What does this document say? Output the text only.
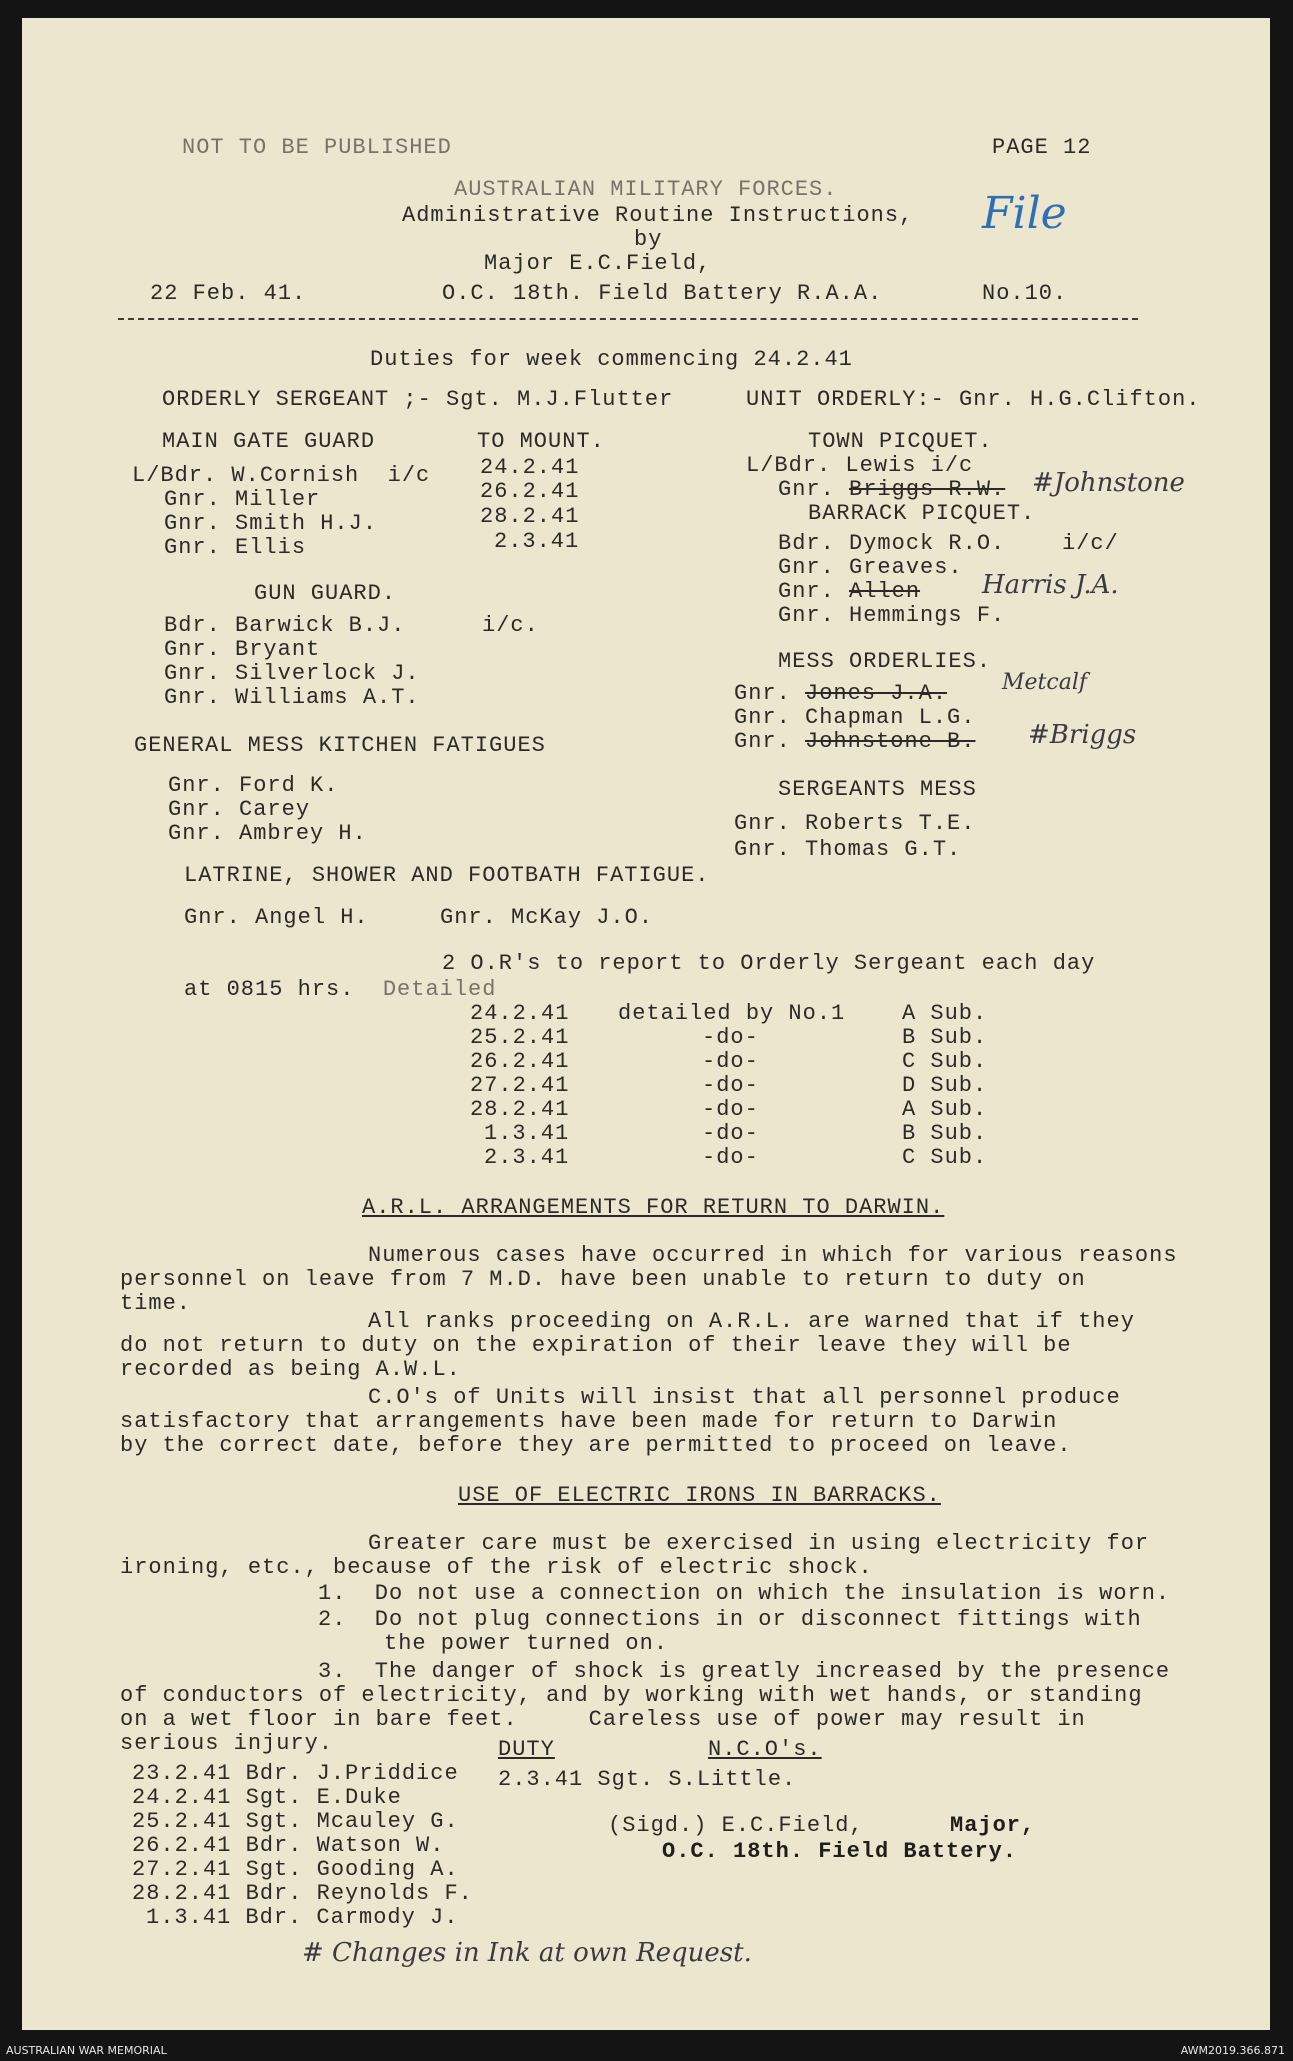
NOT TO BE PUBLISHED	PAGE 12
AUSTRALIAN MILITARY FORCES.
Administrative Routine Instructions, File
by
Major E.C.Field,
22 Feb. 41.	O.C. 18th. Field Battery R.A.A.	No.10.
Duties for week commencing 24.2.41
ORDERLY SERGEANT ;- Sgt. M.J.Flutter	UNIT ORDERLY:- Gnr. H.G.Clifton.
MAIN GATE GUARD	TO MOUNT.
L/Bdr. W.Cornish  i/c 24.2.41
Gnr. Miller	26.2.41
Gnr. Smith H.J.	28.2.41
Gnr. Ellis	2.3.41
GUN GUARD.
Bdr. Barwick B.J.	i/c.
Gnr. Bryant
Gnr. Silverlock J.
Gnr. Williams A.T.
GENERAL MESS KITCHEN FATIGUES
Gnr. Ford K.
Gnr. Carey
Gnr. Ambrey H.
LATRINE, SHOWER AND FOOTBATH FATIGUE.
Gnr. Angel H.	Gnr. McKay J.O.
TOWN PICQUET.
L/Bdr. Lewis i/c
Gnr. Briggs R.W. #Johnstone
BARRACK PICQUET.
Bdr. Dymock R.O.	i/c/
Gnr. Greaves.
Gnr. Allen Harris J.A.
Gnr. Hemmings F.
MESS ORDERLIES.
Gnr. Jones J.A. Metcalf
Gnr. Chapman L.G.
Gnr. Johnstone B. #Briggs
SERGEANTS MESS
Gnr. Roberts T.E.
Gnr. Thomas G.T.
2 O.R's to report to Orderly Sergeant each day
at 0815 hrs. Detailed
24.2.41 detailed by No.1	A Sub.
25.2.41	-do-	B Sub.
26.2.41	-do-	C Sub.
27.2.41	-do-	D Sub.
28.2.41	-do-	A Sub.
1.3.41	-do-	B Sub.
2.3.41	-do-	C Sub.
A.R.L. ARRANGEMENTS FOR RETURN TO DARWIN.
Numerous cases have occurred in which for various reasons
personnel on leave from 7 M.D. have been unable to return to duty on
time.
All ranks proceeding on A.R.L. are warned that if they
do not return to duty on the expiration of their leave they will be
recorded as being A.W.L.
C.O's of Units will insist that all personnel produce
satisfactory that arrangements have been made for return to Darwin
by the correct date, before they are permitted to proceed on leave.
USE OF ELECTRIC IRONS IN BARRACKS.
Greater care must be exercised in using electricity for
ironing, etc., because of the risk of electric shock.
1.  Do not use a connection on which the insulation is worn.
2.  Do not plug connections in or disconnect fittings with
the power turned on.
3.  The danger of shock is greatly increased by the presence
of conductors of electricity, and by working with wet hands, or standing
on a wet floor in bare feet.     Careless use of power may result in
serious injury.	DUTY	N.C.O's.
23.2.41 Bdr. J.Priddice
24.2.41 Sgt. E.Duke
25.2.41 Sgt. Mcauley G.
26.2.41 Bdr. Watson W.
27.2.41 Sgt. Gooding A.
28.2.41 Bdr. Reynolds F.
1.3.41 Bdr. Carmody J.
2.3.41 Sgt. S.Little.
(Sigd.) E.C.Field,	Major,
O.C. 18th. Field Battery.
# Changes in Ink at own Request.
AUSTRALIAN WAR MEMORIAL	AWM2019.366.871
